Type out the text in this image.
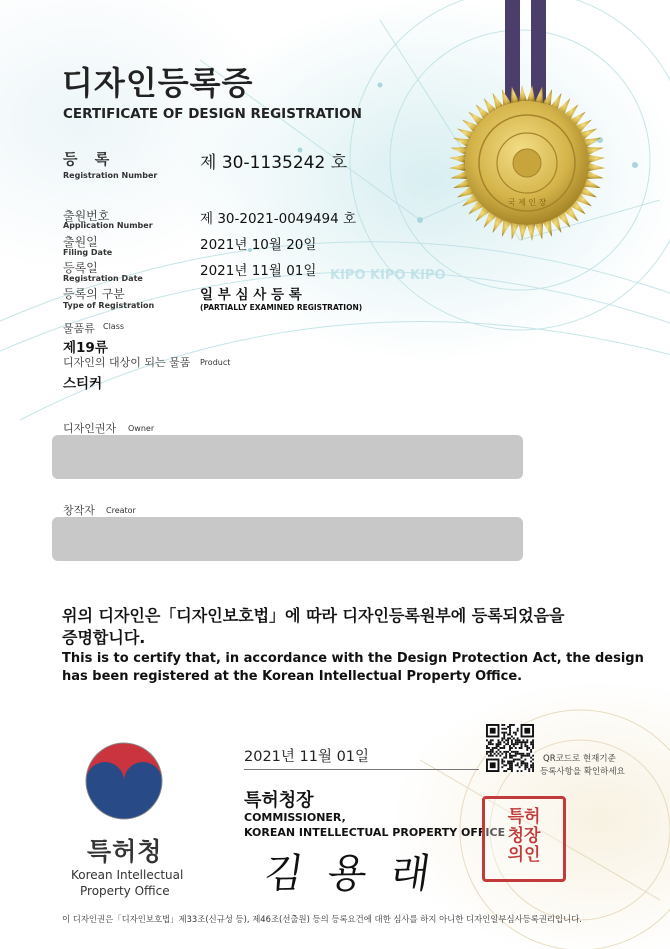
국 제 인 장
KIPO KIPO KIPO
디자인등록증
CERTIFICATE OF DESIGN REGISTRATION
등 록
Registration Number
제 30-1135242 호
출원번호
Application Number	제 30-2021-0049494 호
출원일
Filing Date	2021년 10월 20일
등록일
Registration Date	2021년 11월 01일
등록의 구분
Type of Registration
일 부 심 사 등 록
(PARTIALLY EXAMINED REGISTRATION)
물품류 Class
제19류
디자인의 대상이 되는 물품 Product
스티커
디자인권자 Owner
창작자 Creator
위의 디자인은「디자인보호법」에 따라 디자인등록원부에 등록되었음을
증명합니다.
This is to certify that, in accordance with the Design Protection Act, the design
has been registered at the Korean Intellectual Property Office.
특허청
Korean Intellectual
Property Office
2021년 11월 01일
특허청장
COMMISSIONER,
KOREAN INTELLECTUAL PROPERTY OFFICE
김 용 래
QR코드로 현재기준
등록사항을 확인하세요
특허
청장
의인
이 디자인권은「디자인보호법」제33조(신규성 등), 제46조(선출원) 등의 등록요건에 대한 심사를 하지 아니한 디자인일부심사등록권리입니다.
